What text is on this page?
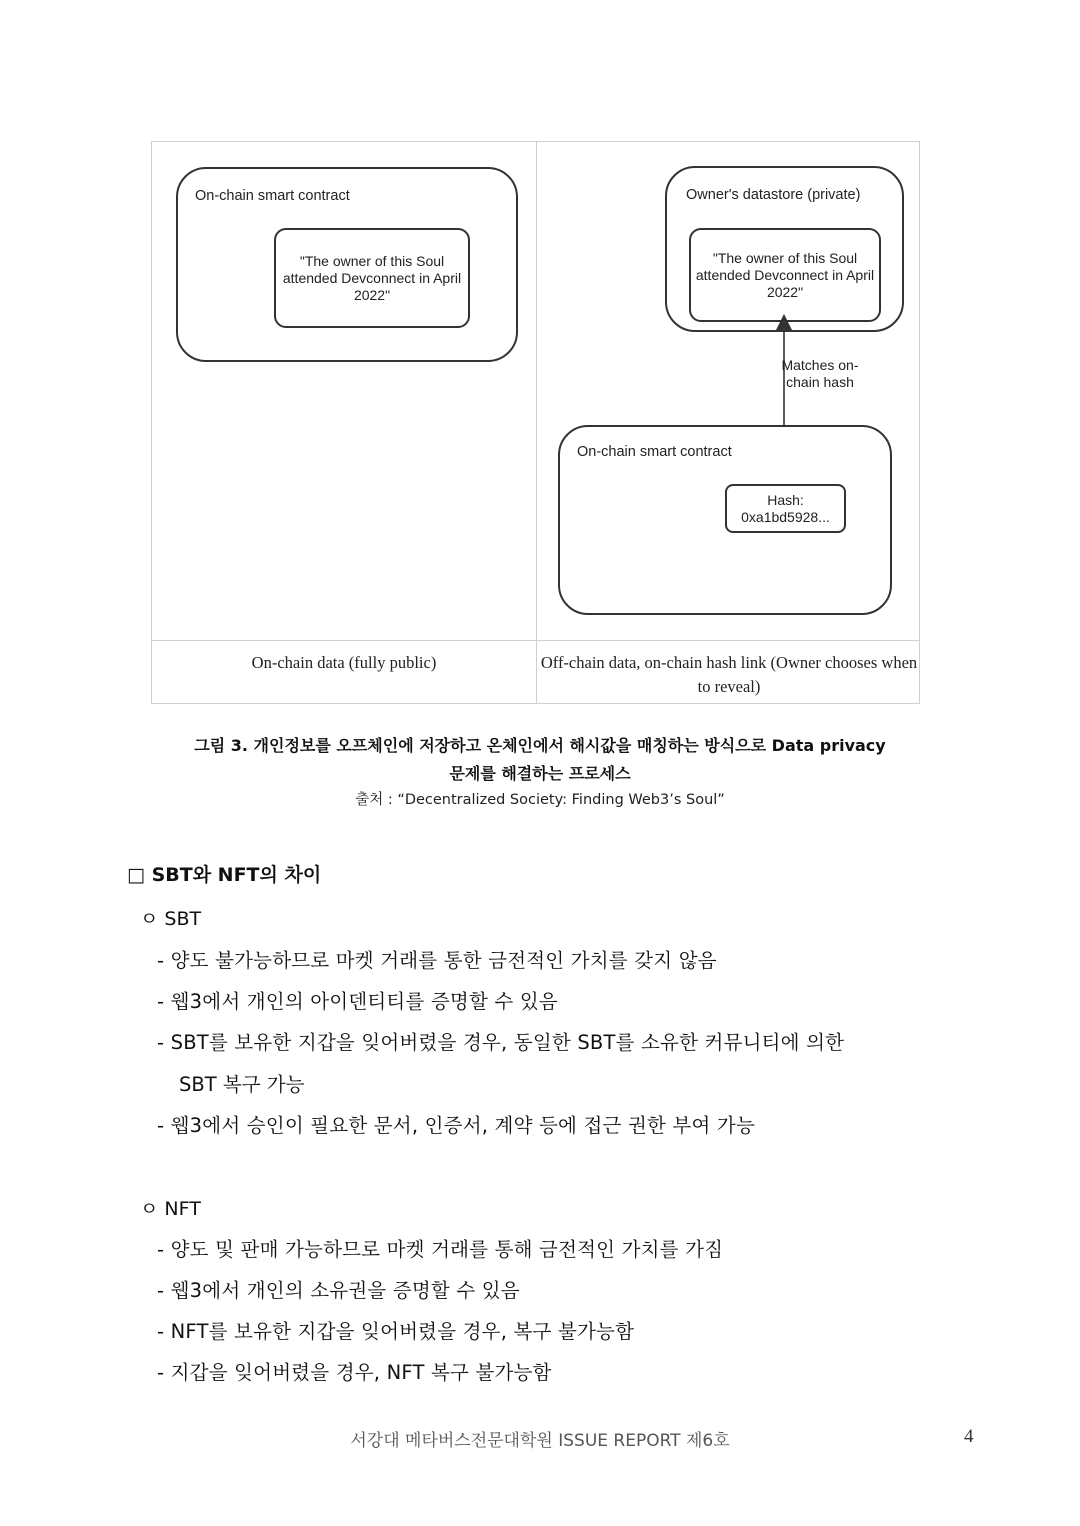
On-chain smart contract
"The owner of this Soul attended Devconnect in April 2022"
On-chain data (fully public)
Owner's datastore (private)
"The owner of this Soul attended Devconnect in April 2022"
Matches on-chain hash
On-chain smart contract
Hash: 0xa1bd5928...
Off-chain data, on-chain hash link (Owner chooses when to reveal)
그림 3. 개인정보를 오프체인에 저장하고 온체인에서 해시값을 매칭하는 방식으로 Data privacy
문제를 해결하는 프로세스
출처 : “Decentralized Society: Finding Web3’s Soul”
□ SBT와 NFT의 차이
ㅇ SBT
- 양도 불가능하므로 마켓 거래를 통한 금전적인 가치를 갖지 않음
- 웹3에서 개인의 아이덴티티를 증명할 수 있음
- SBT를 보유한 지갑을 잊어버렸을 경우, 동일한 SBT를 소유한 커뮤니티에 의한
SBT 복구 가능
- 웹3에서 승인이 필요한 문서, 인증서, 계약 등에 접근 권한 부여 가능
ㅇ NFT
- 양도 및 판매 가능하므로 마켓 거래를 통해 금전적인 가치를 가짐
- 웹3에서 개인의 소유권을 증명할 수 있음
- NFT를 보유한 지갑을 잊어버렸을 경우, 복구 불가능함
- 지갑을 잊어버렸을 경우, NFT 복구 불가능함
서강대 메타버스전문대학원 ISSUE REPORT 제6호	4
